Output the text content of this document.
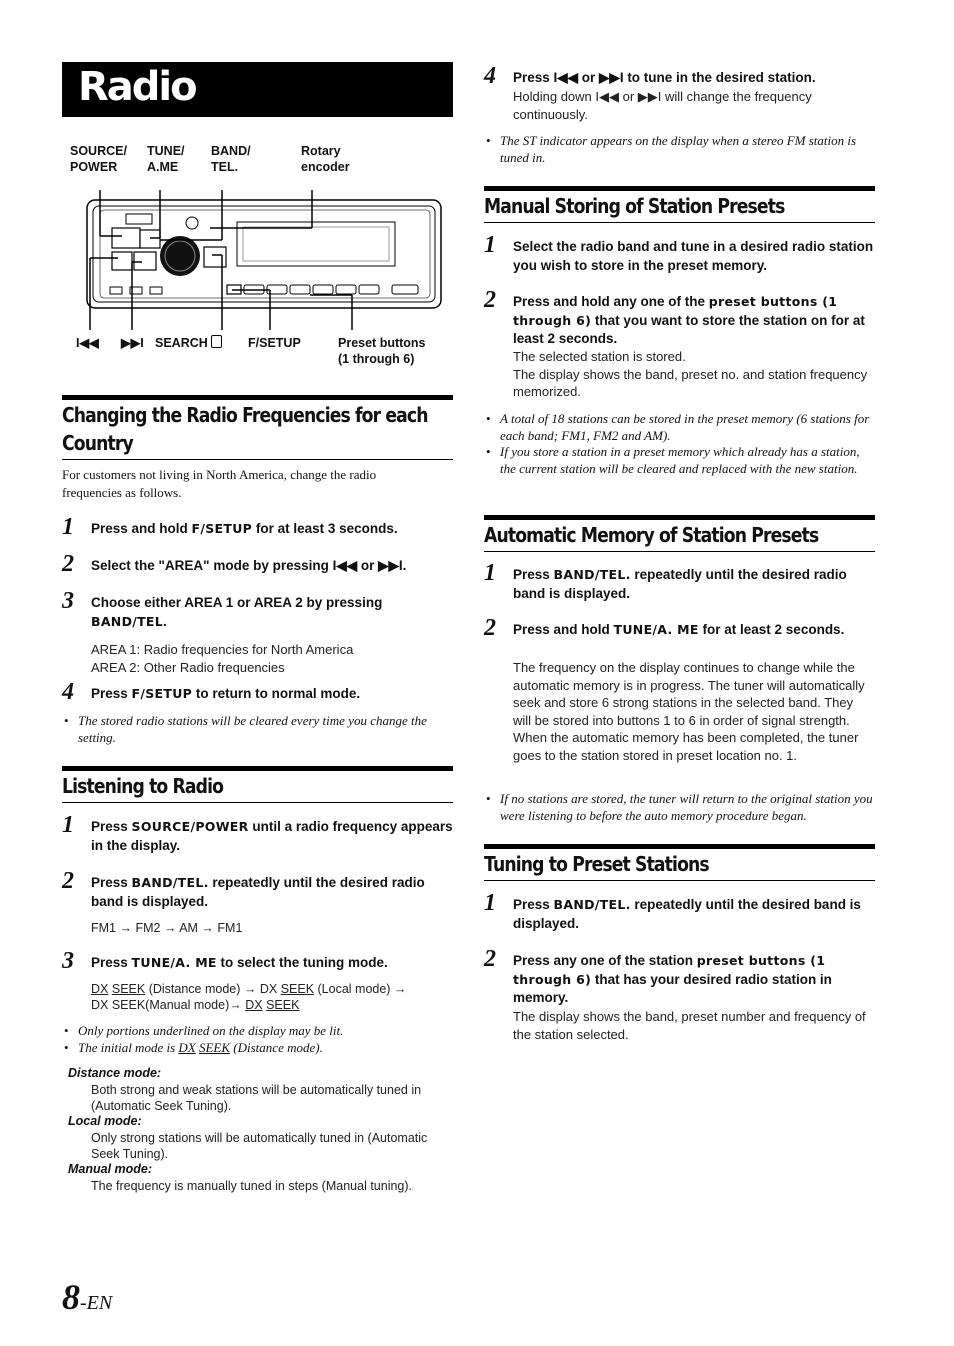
Radio
SOURCE/
POWER
TUNE/
A.ME
BAND/
TEL.
Rotary
encoder
I◀◀ ▶▶I SEARCH	F/SETUP	Preset buttons
(1 through 6)
Changing the Radio Frequencies for each Country
For customers not living in North America, change the radio frequencies as follows.
1 Press and hold F/SETUP for at least 3 seconds.
2 Select the "AREA" mode by pressing I◀◀ or ▶▶I.
3 Choose either AREA 1 or AREA 2 by pressing BAND/TEL.
AREA 1: Radio frequencies for North America
AREA 2: Other Radio frequencies
4 Press F/SETUP to return to normal mode.
• The stored radio stations will be cleared every time you change the setting.
Listening to Radio
1 Press SOURCE/POWER until a radio frequency appears in the display.
2 Press BAND/TEL. repeatedly until the desired radio band is displayed.
FM1 → FM2 → AM → FM1
3 Press TUNE/A. ME to select the tuning mode.
DX SEEK (Distance mode) → DX SEEK (Local mode) →
DX SEEK(Manual mode)→ DX SEEK
• Only portions underlined on the display may be lit.
• The initial mode is DX SEEK (Distance mode).
Distance mode:
Both strong and weak stations will be automatically tuned in (Automatic Seek Tuning).
Local mode:
Only strong stations will be automatically tuned in (Automatic Seek Tuning).
Manual mode:
The frequency is manually tuned in steps (Manual tuning).
4 Press I◀◀ or ▶▶I to tune in the desired station.
Holding down I◀◀ or ▶▶I will change the frequency continuously.
• The ST indicator appears on the display when a stereo FM station is tuned in.
Manual Storing of Station Presets
1 Select the radio band and tune in a desired radio station you wish to store in the preset memory.
2 Press and hold any one of the preset buttons (1 through 6) that you want to store the station on for at least 2 seconds.
The selected station is stored.
The display shows the band, preset no. and station frequency memorized.
• A total of 18 stations can be stored in the preset memory (6 stations for each band; FM1, FM2 and AM).
• If you store a station in a preset memory which already has a station, the current station will be cleared and replaced with the new station.
Automatic Memory of Station Presets
1 Press BAND/TEL. repeatedly until the desired radio band is displayed.
2 Press and hold TUNE/A. ME for at least 2 seconds.
The frequency on the display continues to change while the automatic memory is in progress. The tuner will automatically seek and store 6 strong stations in the selected band. They will be stored into buttons 1 to 6 in order of signal strength.
When the automatic memory has been completed, the tuner goes to the station stored in preset location no. 1.
• If no stations are stored, the tuner will return to the original station you were listening to before the auto memory procedure began.
Tuning to Preset Stations
1 Press BAND/TEL. repeatedly until the desired band is displayed.
2 Press any one of the station preset buttons (1 through 6) that has your desired radio station in memory.
The display shows the band, preset number and frequency of the station selected.
8-EN
